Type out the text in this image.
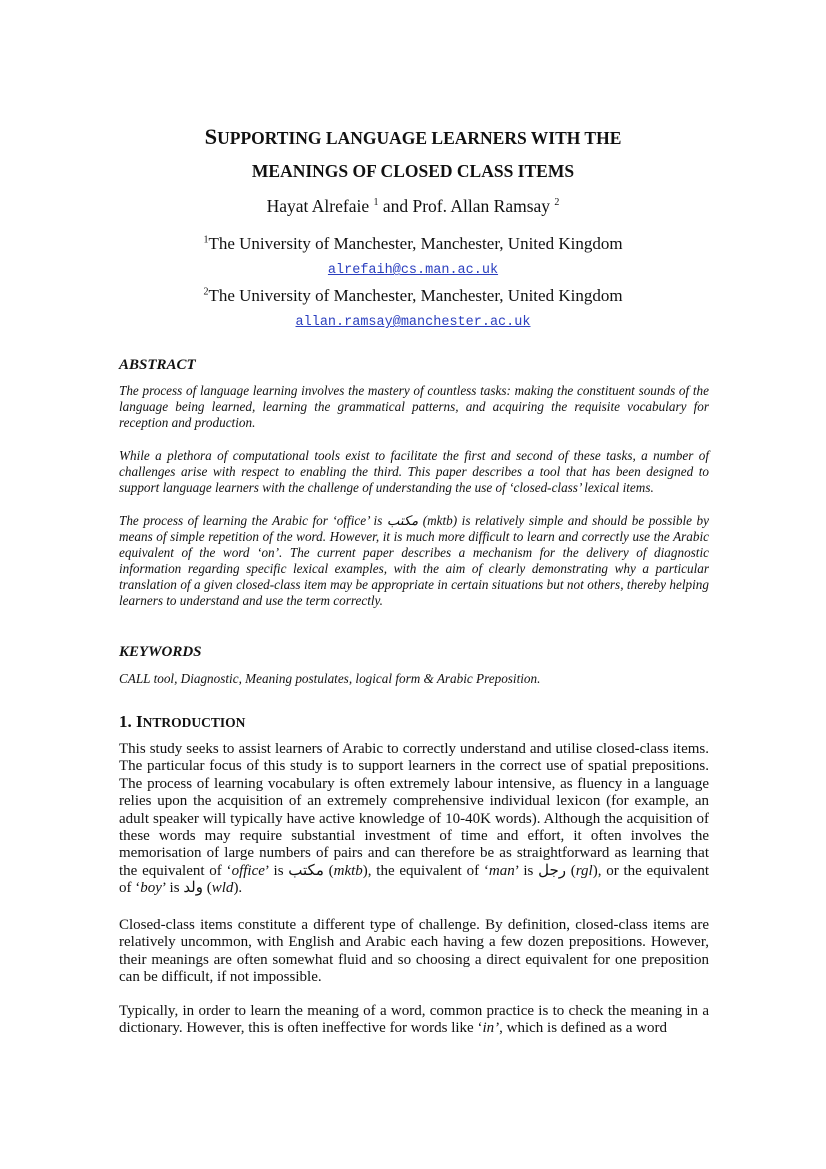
SUPPORTING LANGUAGE LEARNERS WITH THE
MEANINGS OF CLOSED CLASS ITEMS
Hayat Alrefaie $^1$ and Prof. Allan Ramsay $^2$
$^1$The University of Manchester, Manchester, United Kingdom
alrefaih@cs.man.ac.uk
$^2$The University of Manchester, Manchester, United Kingdom
allan.ramsay@manchester.ac.uk
ABSTRACT
The process of language learning involves the mastery of countless tasks: making the constituent sounds of the language being learned, learning the grammatical patterns, and acquiring the requisite vocabulary for reception and production.
While a plethora of computational tools exist to facilitate the first and second of these tasks, a number of challenges arise with respect to enabling the third. This paper describes a tool that has been designed to support language learners with the challenge of understanding the use of ‘closed-class’ lexical items.
The process of learning the Arabic for ‘office’ is مكتب (mktb) is relatively simple and should be possible by means of simple repetition of the word. However, it is much more difficult to learn and correctly use the Arabic equivalent of the word ‘on’. The current paper describes a mechanism for the delivery of diagnostic information regarding specific lexical examples, with the aim of clearly demonstrating why a particular translation of a given closed-class item may be appropriate in certain situations but not others, thereby helping learners to understand and use the term correctly.
KEYWORDS
CALL tool, Diagnostic, Meaning postulates, logical form & Arabic Preposition.
1. INTRODUCTION
This study seeks to assist learners of Arabic to correctly understand and utilise closed-class items. The particular focus of this study is to support learners in the correct use of spatial prepositions. The process of learning vocabulary is often extremely labour intensive, as fluency in a language relies upon the acquisition of an extremely comprehensive individual lexicon (for example, an adult speaker will typically have active knowledge of 10-40K words). Although the acquisition of these words may require substantial investment of time and effort, it often involves the memorisation of large numbers of pairs and can therefore be as straightforward as learning that the equivalent of ‘office’ is مكتب (mktb), the equivalent of ‘man’ is رجل (rgl), or the equivalent of ‘boy’ is ولد (wld).
Closed-class items constitute a different type of challenge. By definition, closed-class items are relatively uncommon, with English and Arabic each having a few dozen prepositions. However, their meanings are often somewhat fluid and so choosing a direct equivalent for one preposition can be difficult, if not impossible.
Typically, in order to learn the meaning of a word, common practice is to check the meaning in a dictionary. However, this is often ineffective for words like ‘in’, which is defined as a word
